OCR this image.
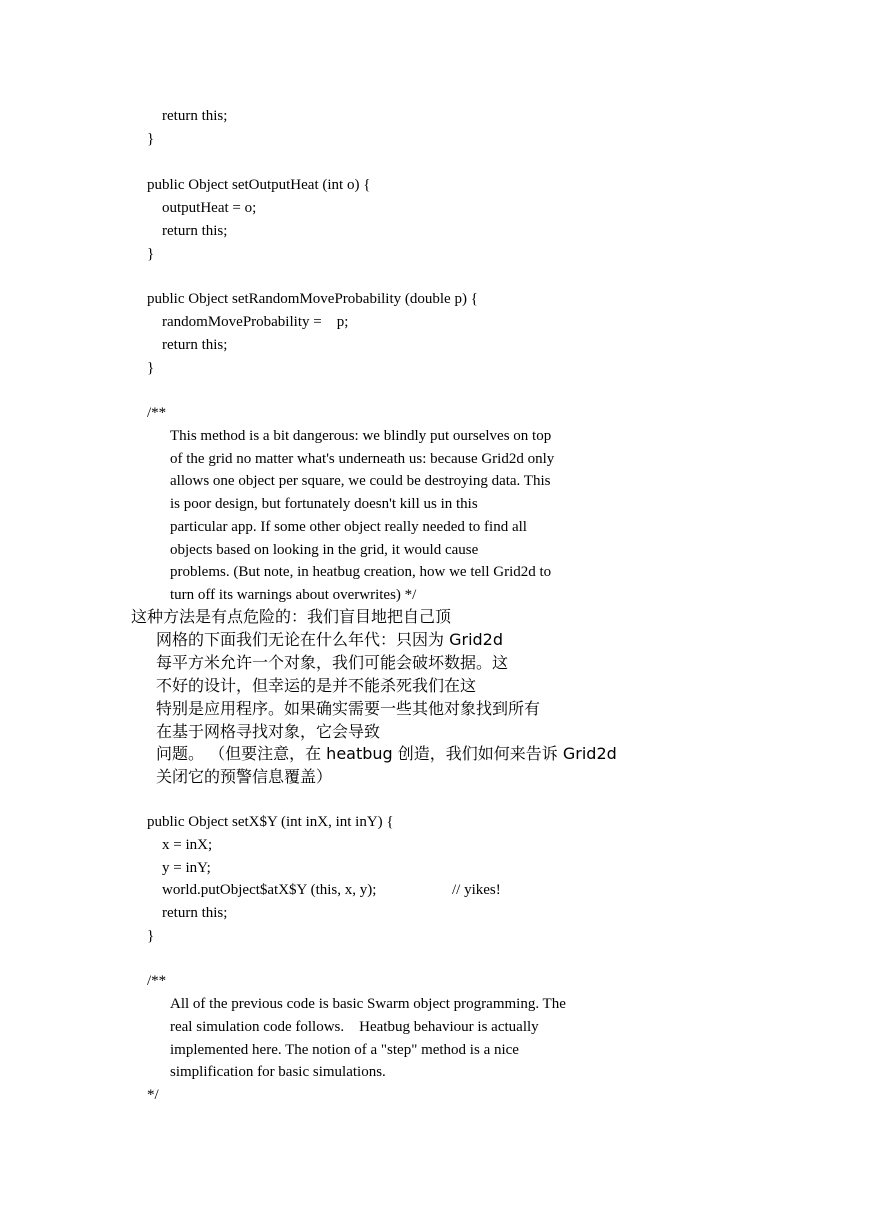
return this;
}
public Object setOutputHeat (int o) {
outputHeat = o;
return this;
}
public Object setRandomMoveProbability (double p) {
randomMoveProbability =    p;
return this;
}
/**
This method is a bit dangerous: we blindly put ourselves on top
of the grid no matter what's underneath us: because Grid2d only
allows one object per square, we could be destroying data. This
is poor design, but fortunately doesn't kill us in this
particular app. If some other object really needed to find all
objects based on looking in the grid, it would cause
problems. (But note, in heatbug creation, how we tell Grid2d to
turn off its warnings about overwrites) */
这种方法是有点危险的：我们盲目地把自己顶
网格的下面我们无论在什么年代：只因为 Grid2d
每平方米允许一个对象，我们可能会破坏数据。这
不好的设计，但幸运的是并不能杀死我们在这
特别是应用程序。如果确实需要一些其他对象找到所有
在基于网格寻找对象，它会导致
问题。 （但要注意，在 heatbug 创造，我们如何来告诉 Grid2d
关闭它的预警信息覆盖）
public Object setX$Y (int inX, int inY) {
x = inX;
y = inY;
world.putObject$atX$Y (this, x, y);	// yikes!
return this;
}
/**
All of the previous code is basic Swarm object programming. The
real simulation code follows.    Heatbug behaviour is actually
implemented here. The notion of a "step" method is a nice
simplification for basic simulations.
*/
